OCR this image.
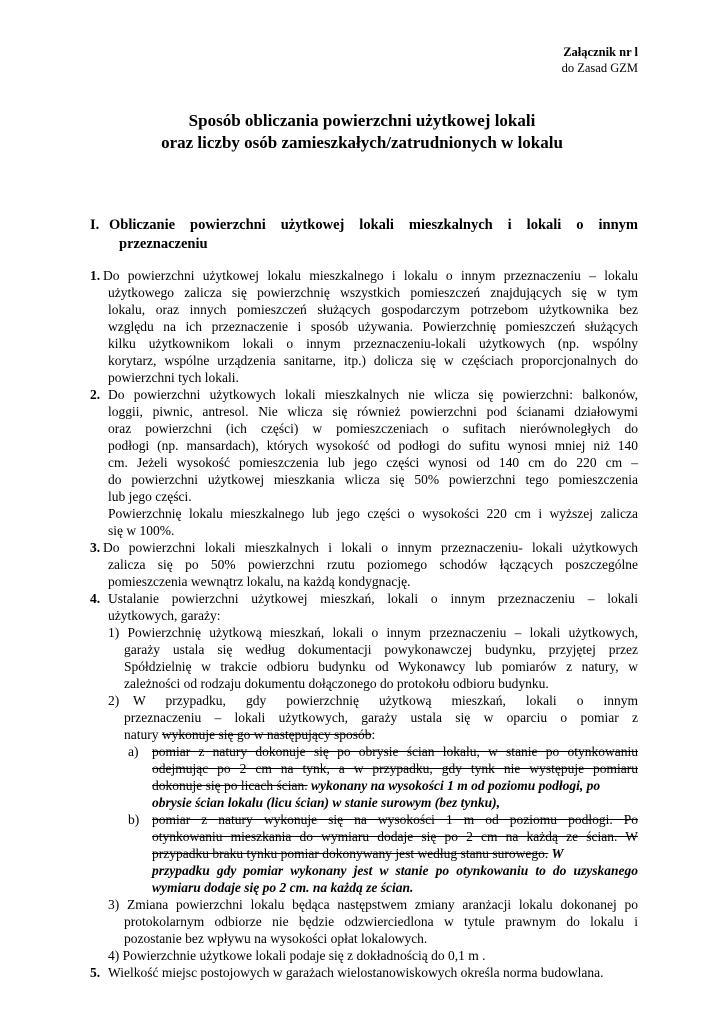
Załącznik nr l
do Zasad GZM
Sposób obliczania powierzchni użytkowej lokali
oraz liczby osób zamieszkałych/zatrudnionych w lokalu
I. Obliczanie powierzchni użytkowej lokali mieszkalnych i lokali o innym
przeznaczeniu
1. Do powierzchni użytkowej lokalu mieszkalnego i lokalu o innym przeznaczeniu – lokalu
użytkowego zalicza się powierzchnię wszystkich pomieszczeń znajdujących się w tym
lokalu, oraz innych pomieszczeń służących gospodarczym potrzebom użytkownika bez
względu na ich przeznaczenie i sposób używania. Powierzchnię pomieszczeń służących
kilku użytkownikom lokali o innym przeznaczeniu-lokali użytkowych (np. wspólny
korytarz, wspólne urządzenia sanitarne, itp.) dolicza się w częściach proporcjonalnych do
powierzchni tych lokali.
2. Do powierzchni użytkowych lokali mieszkalnych nie wlicza się powierzchni: balkonów,
loggii, piwnic, antresol. Nie wlicza się również powierzchni pod ścianami działowymi
oraz powierzchni (ich części) w pomieszczeniach o sufitach nierównoległych do
podłogi (np. mansardach), których wysokość od podłogi do sufitu wynosi mniej niż 140
cm. Jeżeli wysokość pomieszczenia lub jego części wynosi od 140 cm do 220 cm –
do powierzchni użytkowej mieszkania wlicza się 50% powierzchni tego pomieszczenia
lub jego części.
Powierzchnię lokalu mieszkalnego lub jego części o wysokości 220 cm i wyższej zalicza
się w 100%.
3. Do powierzchni lokali mieszkalnych i lokali o innym przeznaczeniu- lokali użytkowych
zalicza się po 50% powierzchni rzutu poziomego schodów łączących poszczególne
pomieszczenia wewnątrz lokalu, na każdą kondygnację.
4. Ustalanie powierzchni użytkowej mieszkań, lokali o innym przeznaczeniu – lokali
użytkowych, garaży:
1) Powierzchnię użytkową mieszkań, lokali o innym przeznaczeniu – lokali użytkowych,
garaży ustala się według dokumentacji powykonawczej budynku, przyjętej przez
Spółdzielnię w trakcie odbioru budynku od Wykonawcy lub pomiarów z natury, w
zależności od rodzaju dokumentu dołączonego do protokołu odbioru budynku.
2) W przypadku, gdy powierzchnię użytkową mieszkań, lokali o innym
przeznaczeniu – lokali użytkowych, garaży ustala się w oparciu o pomiar z
natury wykonuje się go w następujący sposób:
a) pomiar z natury dokonuje się po obrysie ścian lokalu, w stanie po otynkowaniu
odejmując po 2 cm na tynk, a w przypadku, gdy tynk nie występuje pomiaru
dokonuje się po licach ścian. wykonany na wysokości 1 m od poziomu podłogi, po
obrysie ścian lokalu (licu ścian) w stanie surowym (bez tynku),
b) pomiar z natury wykonuje się na wysokości 1 m od poziomu podłogi. Po
otynkowaniu mieszkania do wymiaru dodaje się po 2 cm na każdą ze ścian. W
przypadku braku tynku pomiar dokonywany jest według stanu surowego. W
przypadku gdy pomiar wykonany jest w stanie po otynkowaniu to do uzyskanego
wymiaru dodaje się po 2 cm. na każdą ze ścian.
3) Zmiana powierzchni lokalu będąca następstwem zmiany aranżacji lokalu dokonanej po
protokolarnym odbiorze nie będzie odzwierciedlona w tytule prawnym do lokalu i
pozostanie bez wpływu na wysokości opłat lokalowych.
4) Powierzchnie użytkowe lokali podaje się z dokładnością do 0,1 m .
5. Wielkość miejsc postojowych w garażach wielostanowiskowych określa norma budowlana.
